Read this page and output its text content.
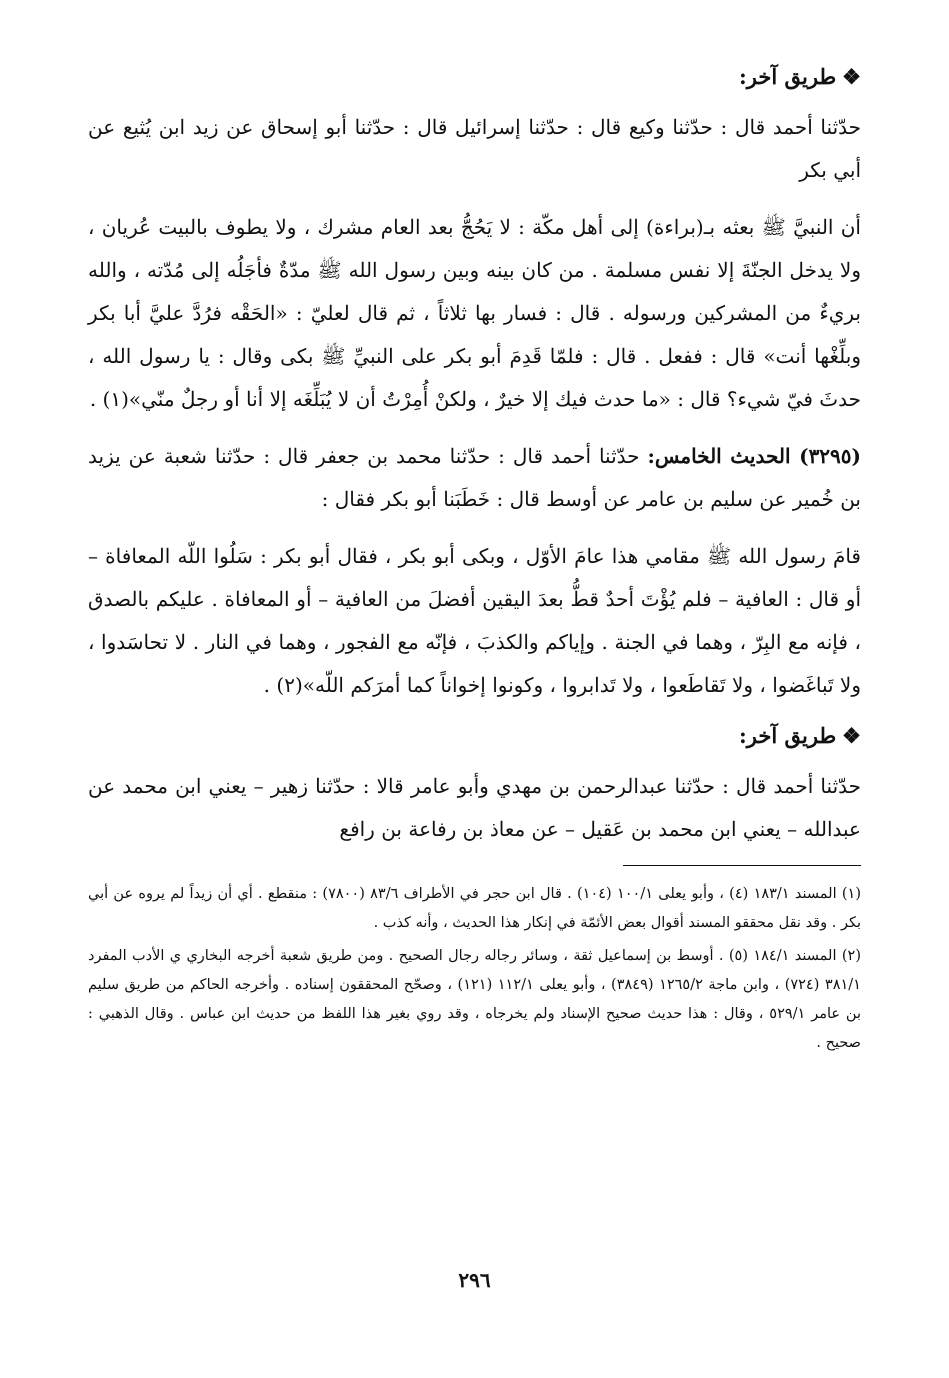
❖طريق آخر:

حدّثنا أحمد قال : حدّثنا وكيع قال : حدّثنا إسرائيل قال : حدّثنا أبو إسحاق عن زيد ابن يُثيع عن أبي بكر

أن النبيَّ ﷺ بعثه بـ(براءة) إلى أهل مكّة : لا يَحُجُّ بعد العام مشرك ، ولا يطوف بالبيت عُريان ، ولا يدخل الجنّةَ إلا نفس مسلمة . من كان بينه وبين رسول الله ﷺ مدّةٌ فأجَلُه إلى مُدّته ، والله بريءٌ من المشركين ورسوله . قال : فسار بها ثلاثاً ، ثم قال لعليّ : «الحَقْه فرُدَّ عليَّ أبا بكر وبلِّغْها أنت» قال : ففعل . قال : فلمّا قَدِمَ أبو بكر على النبيِّ ﷺ بكى وقال : يا رسول الله ، حدثَ فيّ شيء؟ قال : «ما حدث فيك إلا خيرٌ ، ولكنْ أُمِرْتُ أن لا يُبَلِّغَه إلا أنا أو رجلٌ منّي»(١) .

(٣٢٩٥) الحديث الخامس: حدّثنا أحمد قال : حدّثنا محمد بن جعفر قال : حدّثنا شعبة عن يزيد بن خُمير عن سليم بن عامر عن أوسط قال : خَطَبَنا أبو بكر فقال :

قامَ رسول الله ﷺ مقامي هذا عامَ الأوّل ، وبكى أبو بكر ، فقال أبو بكر : سَلُوا اللّه المعافاة – أو قال : العافية – فلم يُؤْتَ أحدٌ قطُّ بعدَ اليقين أفضلَ من العافية – أو المعافاة . عليكم بالصدق ، فإنه مع البِرّ ، وهما في الجنة . وإياكم والكذبَ ، فإنّه مع الفجور ، وهما في النار . لا تحاسَدوا ، ولا تَباغَضوا ، ولا تَقاطَعوا ، ولا تَدابروا ، وكونوا إخواناً كما أمرَكم اللّه»(٢) .

❖طريق آخر:

حدّثنا أحمد قال : حدّثنا عبدالرحمن بن مهدي وأبو عامر قالا : حدّثنا زهير – يعني ابن محمد عن عبدالله – يعني ابن محمد بن عَقيل – عن معاذ بن رفاعة بن رافع

(١) المسند ١٨٣/١ (٤) ، وأبو يعلى ١٠٠/١ (١٠٤) . قال ابن حجر في الأطراف ٨٣/٦ (٧٨٠٠) : منقطع . أي أن زيداً لم يروه عن أبي بكر . وقد نقل محققو المسند أقوال بعض الأئمّة في إنكار هذا الحديث ، وأنه كذب .

(٢) المسند ١٨٤/١ (٥) . أوسط بن إسماعيل ثقة ، وسائر رجاله رجال الصحيح . ومن طريق شعبة أخرجه البخاري ي الأدب المفرد ٣٨١/١ (٧٢٤) ، وابن ماجة ١٢٦٥/٢ (٣٨٤٩) ، وأبو يعلى ١١٢/١ (١٢١) ، وصحّح المحققون إسناده . وأخرجه الحاكم من طريق سليم بن عامر ٥٢٩/١ ، وقال : هذا حديث صحيح الإسناد ولم يخرجاه ، وقد روي بغير هذا اللفظ من حديث ابن عباس . وقال الذهبي : صحيح .

٢٩٦
